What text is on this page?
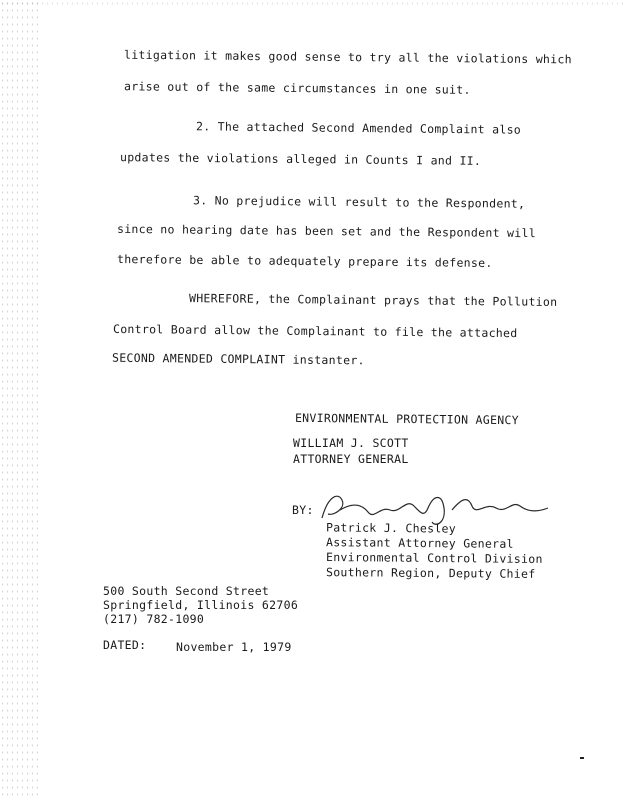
litigation it makes good sense to try all the violations which
arise out of the same circumstances in one suit.
2. The attached Second Amended Complaint also
updates the violations alleged in Counts I and II.
3. No prejudice will result to the Respondent,
since no hearing date has been set and the Respondent will
therefore be able to adequately prepare its defense.
WHEREFORE, the Complainant prays that the Pollution
Control Board allow the Complainant to file the attached
SECOND AMENDED COMPLAINT instanter.
ENVIRONMENTAL PROTECTION AGENCY
WILLIAM J. SCOTT
ATTORNEY GENERAL
BY:
Patrick J. Chesley
Assistant Attorney General
Environmental Control Division
Southern Region, Deputy Chief
500 South Second Street
Springfield, Illinois 62706
(217) 782-1090
DATED:	November 1, 1979
